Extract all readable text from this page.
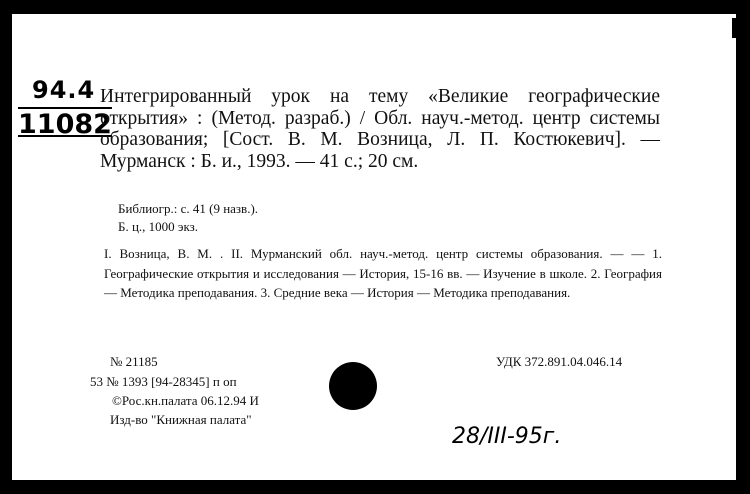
94.4
11082
28/III-95г.

Интегрированный урок на тему «Великие географические открытия» : (Метод. разраб.) / Обл. науч.-метод. центр системы образования; [Сост. В. М. Возница, Л. П. Костюкевич]. — Мурманск : Б. и., 1993. — 41 с.; 20 см.

Библиогр.: с. 41 (9 назв.).

Б. ц., 1000 экз.

I. Возница, В. М. . II. Мурманский обл. науч.-метод. центр системы образования. — — 1. Географические открытия и исследования — История, 15-16 вв. — Изучение в школе. 2. География — Методика преподавания. 3. Средние века — История — Методика преподавания.

№ 21185	УДК 372.891.04.046.14

53 № 1393 [94-28345] п оп

©Рос.кн.палата 06.12.94 И

Изд-во "Книжная палата"
